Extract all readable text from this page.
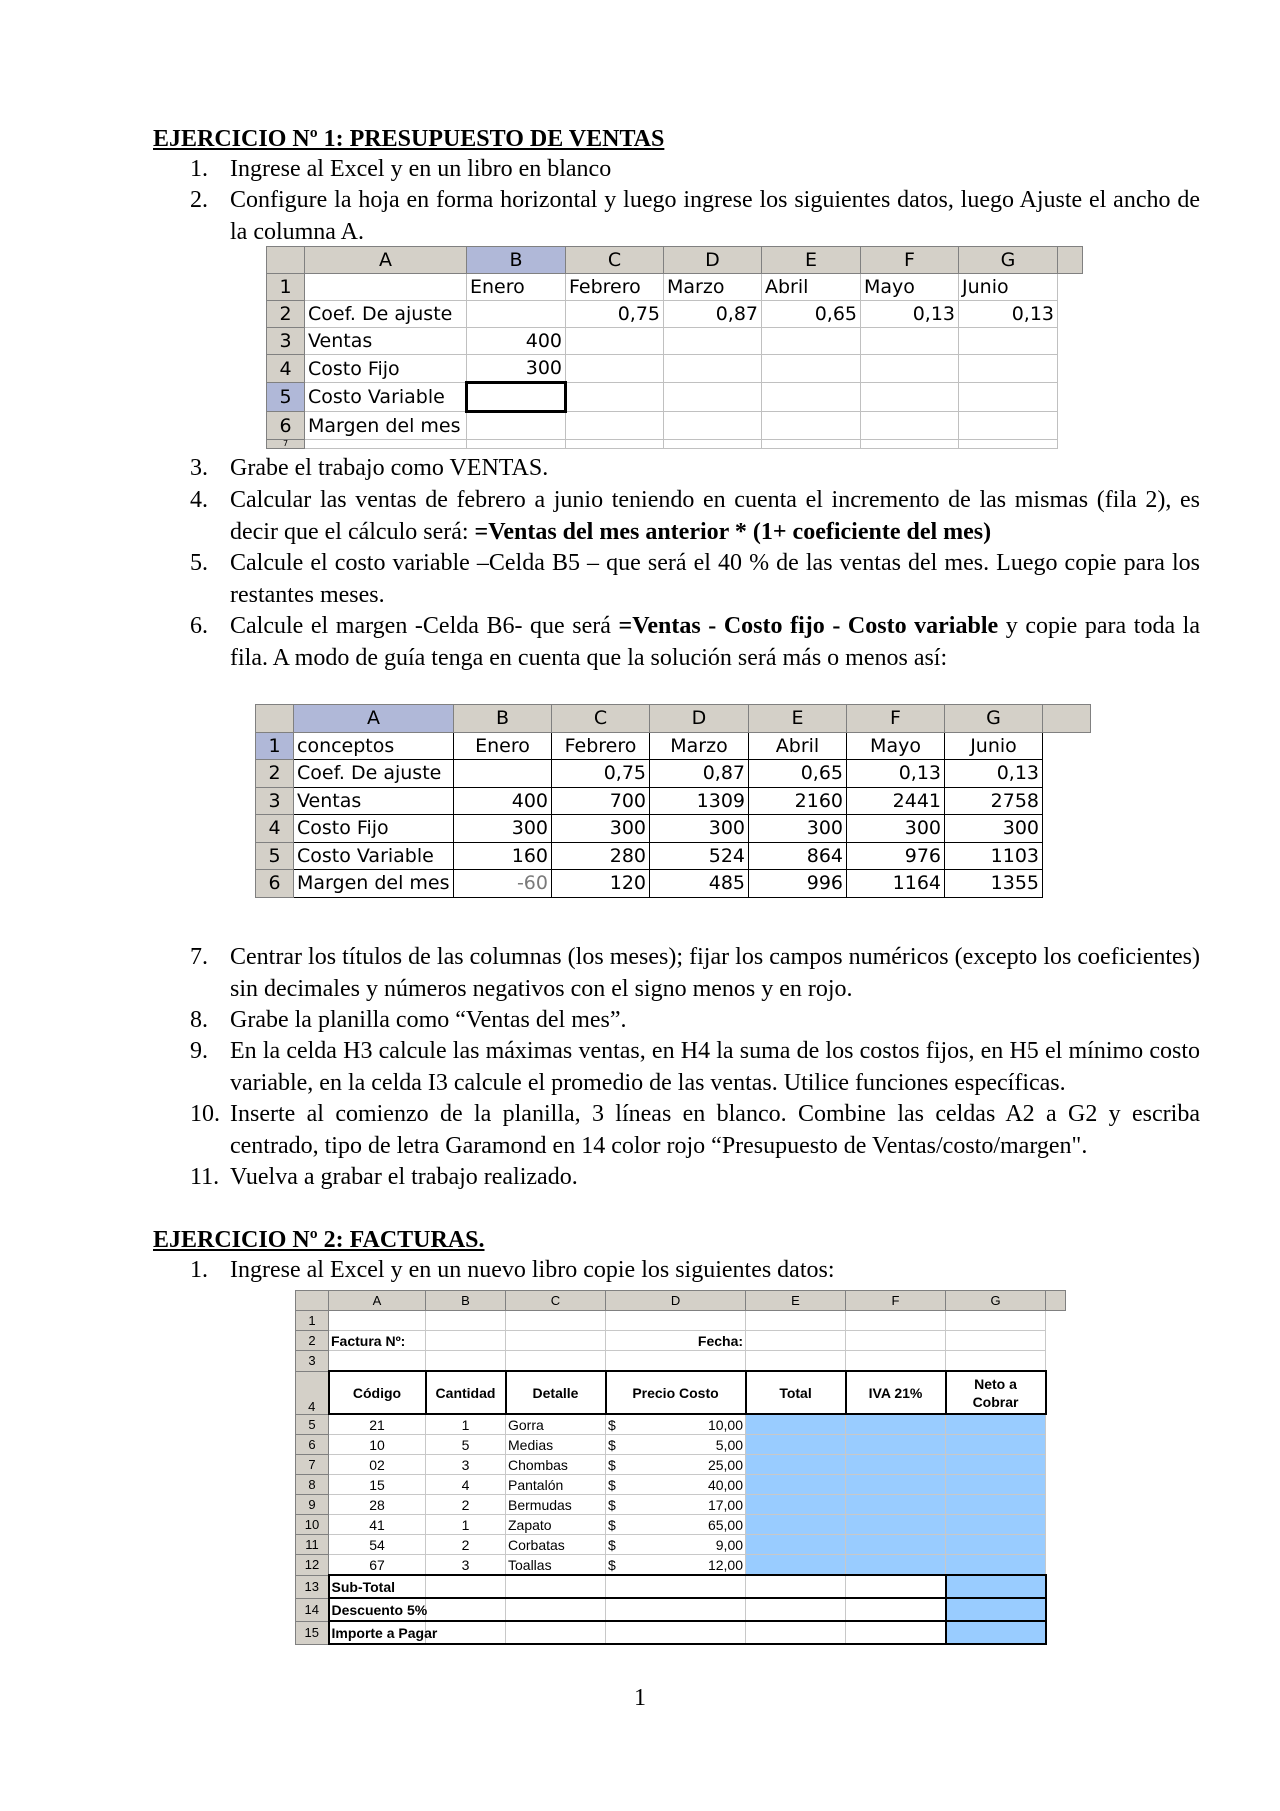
EJERCICIO Nº 1: PRESUPUESTO DE VENTAS
1. Ingrese al Excel y en un libro en blanco
2. Configure la hoja en forma horizontal y luego ingrese los siguientes datos, luego Ajuste el ancho de la columna A.
	A	B	C	D	E	F	G	
1		Enero	Febrero	Marzo	Abril	Mayo	Junio	
2	Coef. De ajuste		0,75	0,87	0,65	0,13	0,13	
3	Ventas	400						
4	Costo Fijo	300						
5	Costo Variable							
6	Margen del mes							
7								
3. Grabe el trabajo como VENTAS.
4. Calcular las ventas de febrero a junio teniendo en cuenta el incremento de las mismas (fila 2), es decir que el cálculo será: =Ventas del mes anterior * (1+ coeficiente del mes)
5. Calcule el costo variable –Celda B5 – que será el 40 % de las ventas del mes. Luego copie para los restantes meses.
6. Calcule el margen -Celda B6- que será =Ventas - Costo fijo - Costo variable y copie para toda la fila. A modo de guía tenga en cuenta que la solución será más o menos así:
	A	B	C	D	E	F	G	
1	conceptos	Enero	Febrero	Marzo	Abril	Mayo	Junio	
2	Coef. De ajuste		0,75	0,87	0,65	0,13	0,13	
3	Ventas	400	700	1309	2160	2441	2758	
4	Costo Fijo	300	300	300	300	300	300	
5	Costo Variable	160	280	524	864	976	1103	
6	Margen del mes	-60	120	485	996	1164	1355	
7. Centrar los títulos de las columnas (los meses); fijar los campos numéricos (excepto los coeficientes) sin decimales y números negativos con el signo menos y en rojo.
8. Grabe la planilla como “Ventas del mes”.
9. En la celda H3 calcule las máximas ventas, en H4 la suma de los costos fijos, en H5 el mínimo costo variable, en la celda I3 calcule el promedio de las ventas. Utilice funciones específicas.
10. Inserte al comienzo de la planilla, 3 líneas en blanco. Combine las celdas A2 a G2 y escriba centrado, tipo de letra Garamond en 14 color rojo “Presupuesto de Ventas/costo/margen".
11. Vuelva a grabar el trabajo realizado.
EJERCICIO Nº 2: FACTURAS.
1. Ingrese al Excel y en un nuevo libro copie los siguientes datos:
	A	B	C	D		E	F	G	
1									
2	Factura Nº:			Fecha:					
3									
4	Código	Cantidad	Detalle	Precio Costo		Total	IVA 21%	Neto a Cobrar	
5	21	1	Gorra	$	10,00				
6	10	5	Medias	$	5,00				
7	02	3	Chombas	$	25,00				
8	15	4	Pantalón	$	40,00				
9	28	2	Bermudas	$	17,00				
10	41	1	Zapato	$	65,00				
11	54	2	Corbatas	$	9,00				
12	67	3	Toallas	$	12,00				
13	Sub-Total								
14	Descuento 5%								
15	Importe a Pagar								
1
